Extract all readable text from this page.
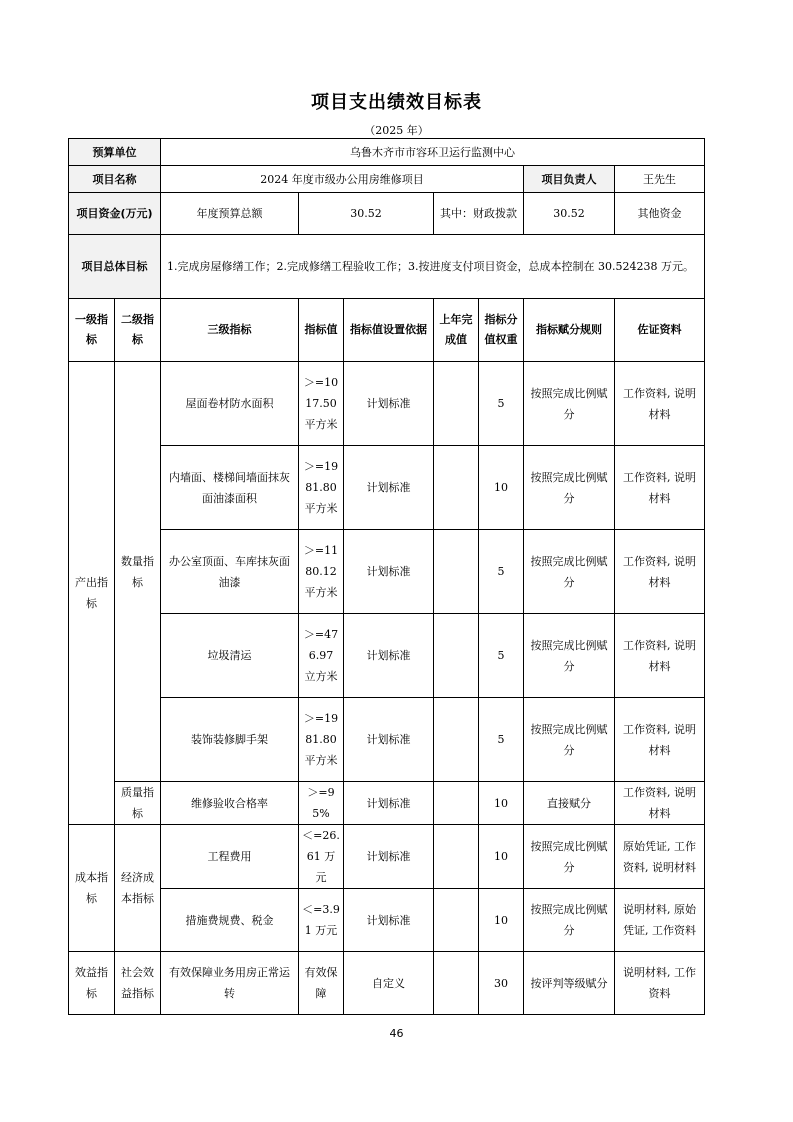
项目支出绩效目标表
（2025 年）
预算单位		乌鲁木齐市市容环卫运行监测中心						
项目名称		2024 年度市级办公用房维修项目					项目负责人	王先生
项目资金(万元)		年度预算总额	30.52		其中：财政拨款		30.52	其他资金
项目总体目标		1.完成房屋修缮工作；2.完成修缮工程验收工作；3.按进度支付项目资金，总成本控制在 30.524238 万元。						
一级指标	二级指标	三级指标	指标值	指标值设置依据	上年完成值	指标分值权重	指标赋分规则	佐证资料
产出指标	数量指标	屋面卷材防水面积	＞=1017.50 平方米	计划标准		5	按照完成比例赋分	工作资料, 说明材料
		内墙面、楼梯间墙面抹灰面油漆面积	＞=1981.80 平方米	计划标准		10	按照完成比例赋分	工作资料, 说明材料
		办公室顶面、车库抹灰面油漆	＞=1180.12 平方米	计划标准		5	按照完成比例赋分	工作资料, 说明材料
		垃圾清运	＞=476.97 立方米	计划标准		5	按照完成比例赋分	工作资料, 说明材料
		装饰装修脚手架	＞=1981.80 平方米	计划标准		5	按照完成比例赋分	工作资料, 说明材料
	质量指标	维修验收合格率	＞=95%	计划标准		10	直接赋分	工作资料, 说明材料
成本指标	经济成本指标	工程费用	＜=26.61 万元	计划标准		10	按照完成比例赋分	原始凭证, 工作资料, 说明材料
		措施费规费、税金	＜=3.91 万元	计划标准		10	按照完成比例赋分	说明材料, 原始凭证, 工作资料
效益指标	社会效益指标	有效保障业务用房正常运转	有效保障	自定义		30	按评判等级赋分	说明材料, 工作资料
46
